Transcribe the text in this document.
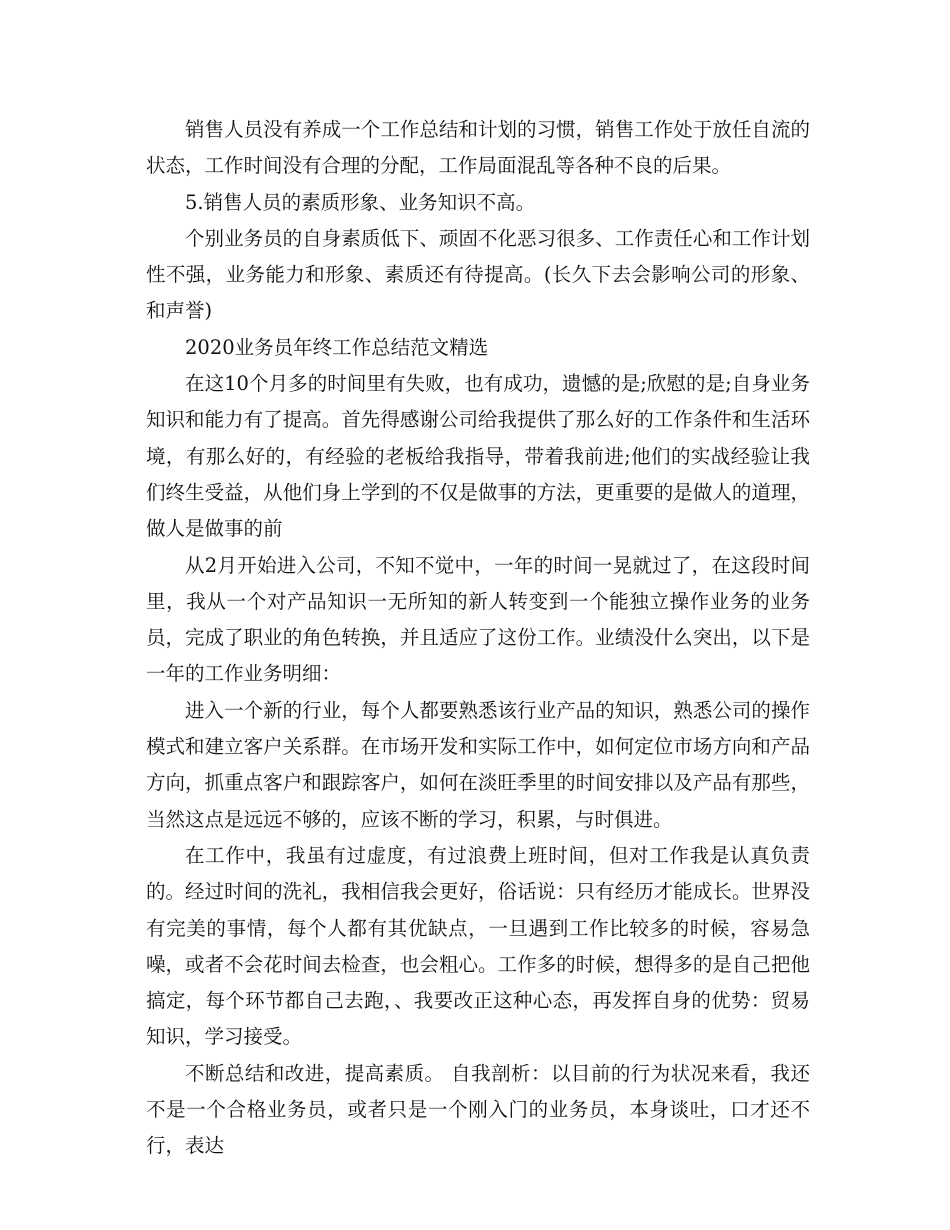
销售人员没有养成一个工作总结和计划的习惯，销售工作处于放任自流的状态，工作时间没有合理的分配，工作局面混乱等各种不良的后果。

5.销售人员的素质形象、业务知识不高。

个别业务员的自身素质低下、顽固不化恶习很多、工作责任心和工作计划性不强，业务能力和形象、素质还有待提高。(长久下去会影响公司的形象、和声誉)

2020业务员年终工作总结范文精选

在这10个月多的时间里有失败，也有成功，遗憾的是;欣慰的是;自身业务知识和能力有了提高。首先得感谢公司给我提供了那么好的工作条件和生活环境，有那么好的，有经验的老板给我指导，带着我前进;他们的实战经验让我们终生受益，从他们身上学到的不仅是做事的方法，更重要的是做人的道理，做人是做事的前

从2月开始进入公司，不知不觉中，一年的时间一晃就过了，在这段时间里，我从一个对产品知识一无所知的新人转变到一个能独立操作业务的业务员，完成了职业的角色转换，并且适应了这份工作。业绩没什么突出，以下是一年的工作业务明细：

进入一个新的行业，每个人都要熟悉该行业产品的知识，熟悉公司的操作模式和建立客户关系群。在市场开发和实际工作中，如何定位市场方向和产品方向，抓重点客户和跟踪客户，如何在淡旺季里的时间安排以及产品有那些，当然这点是远远不够的，应该不断的学习，积累，与时俱进。

在工作中，我虽有过虚度，有过浪费上班时间，但对工作我是认真负责的。经过时间的洗礼，我相信我会更好，俗话说：只有经历才能成长。世界没有完美的事情，每个人都有其优缺点，一旦遇到工作比较多的时候，容易急噪，或者不会花时间去检查，也会粗心。工作多的时候，想得多的是自己把他搞定，每个环节都自己去跑，、我要改正这种心态，再发挥自身的优势：贸易知识，学习接受。

不断总结和改进，提高素质。 自我剖析：以目前的行为状况来看，我还不是一个合格业务员，或者只是一个刚入门的业务员，本身谈吐，口才还不行，表达
